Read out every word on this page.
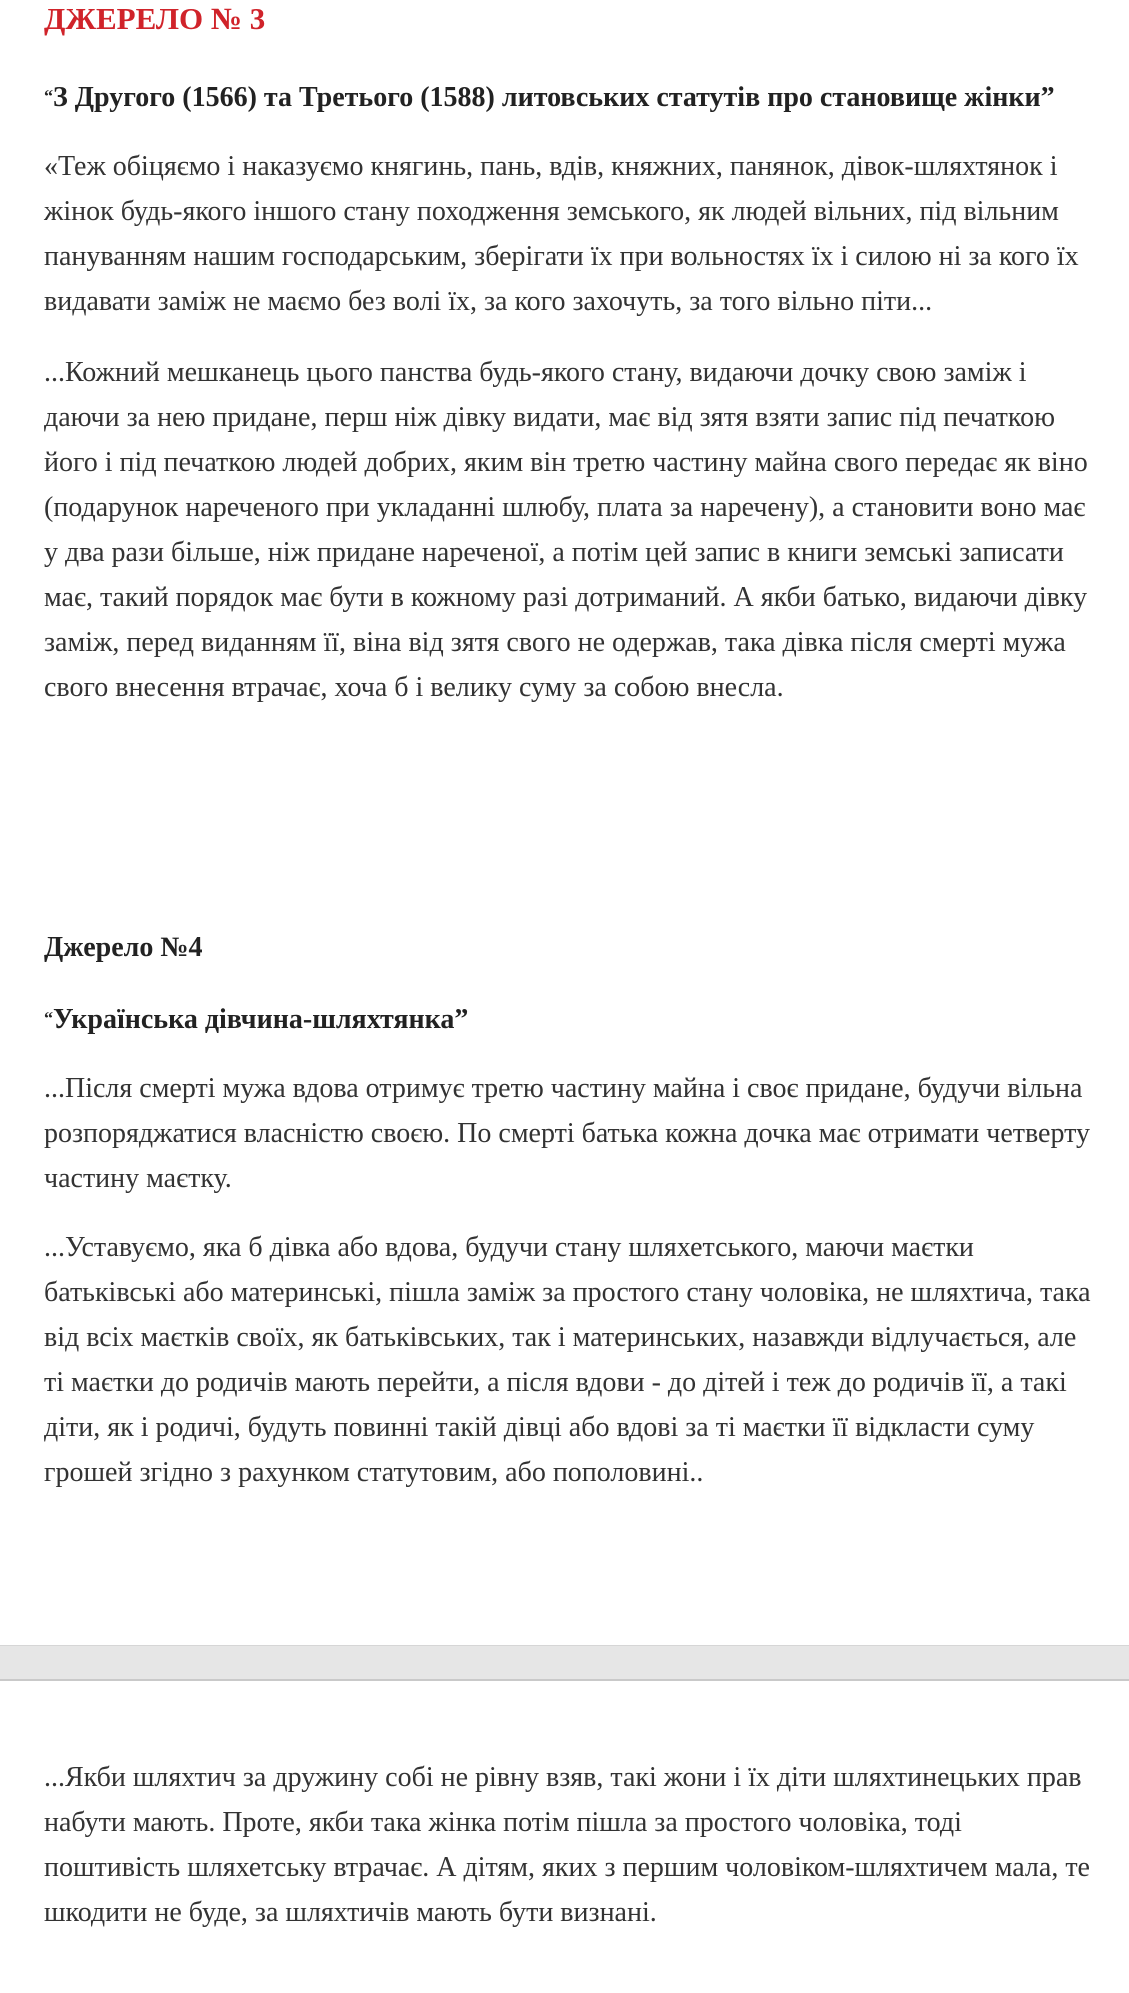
ДЖЕРЕЛО № 3

“З Другого (1566) та Третього (1588) литовських статутів про становище жінки”

«Теж обіцяємо і наказуємо княгинь, пань, вдів, княжних, панянок, дівок-шляхтянок і жінок будь-якого іншого стану походження земського, як людей вільних, під вільним пануванням нашим господарським, зберігати їх при вольностях їх і силою ні за кого їх видавати заміж не маємо без волі їх, за кого захочуть, за того вільно піти...

...Кожний мешканець цього панства будь-якого стану, видаючи дочку свою заміж і даючи за нею придане, перш ніж дівку видати, має від зятя взяти запис під печаткою його і під печаткою людей добрих, яким він третю частину майна свого передає як віно (подарунок нареченого при укладанні шлюбу, плата за наречену), а становити воно має у два рази більше, ніж придане нареченої, а потім цей запис в книги земські записати має, такий порядок має бути в кожному разі дотриманий. А якби батько, видаючи дівку заміж, перед виданням її, віна від зятя свого не одержав, така дівка після смерті мужа свого внесення втрачає, хоча б і велику суму за собою внесла.

Джерело №4

“Українська дівчина-шляхтянка”

...Після смерті мужа вдова отримує третю частину майна і своє придане, будучи вільна розпоряджатися власністю своєю. По смерті батька кожна дочка має отримати четверту частину маєтку.

...Уставуємо, яка б дівка або вдова, будучи стану шляхетського, маючи маєтки батьківські або материнські, пішла заміж за простого стану чоловіка, не шляхтича, така від всіх маєтків своїх, як батьківських, так і материнських, назавжди відлучається, але ті маєтки до родичів мають перейти, а після вдови - до дітей і теж до родичів її, а такі діти, як і родичі, будуть повинні такій дівці або вдові за ті маєтки її відкласти суму грошей згідно з рахунком статутовим, або пополовині..

...Якби шляхтич за дружину собі не рівну взяв, такі жони і їх діти шляхтинецьких прав набути мають. Проте, якби така жінка потім пішла за простого чоловіка, тоді поштивість шляхетську втрачає. А дітям, яких з першим чоловіком-шляхтичем мала, те шкодити не буде, за шляхтичів мають бути визнані.
